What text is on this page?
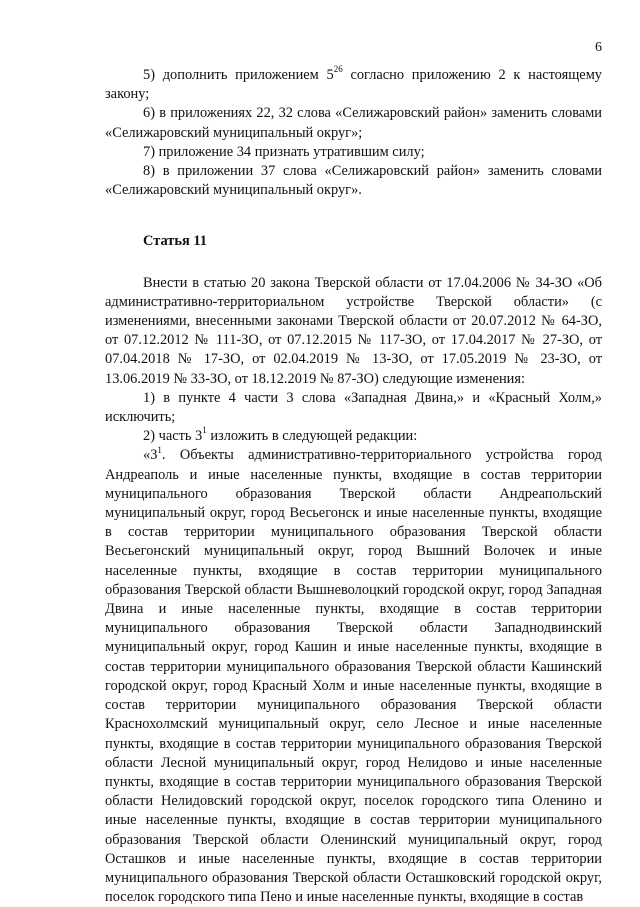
6

5) дополнить приложением $5^{26}$ согласно приложению 2 к настоящему закону;

6) в приложениях 22, 32 слова «Селижаровский район» заменить словами «Селижаровский муниципальный округ»;

7) приложение 34 признать утратившим силу;

8) в приложении 37 слова «Селижаровский район» заменить словами «Селижаровский муниципальный округ».

Статья 11

Внести в статью 20 закона Тверской области от 17.04.2006 № 34-ЗО «Об административно-территориальном устройстве Тверской области» (с изменениями, внесенными законами Тверской области от 20.07.2012 № 64-ЗО, от 07.12.2012 № 111-ЗО, от 07.12.2015 № 117-ЗО, от 17.04.2017 № 27-ЗО, от 07.04.2018 № 17-ЗО, от 02.04.2019 № 13-ЗО, от 17.05.2019 № 23-ЗО, от 13.06.2019 № 33-ЗО, от 18.12.2019 № 87-ЗО) следующие изменения:

1) в пункте 4 части 3 слова «Западная Двина,» и «Красный Холм,» исключить;

2) часть $3^1$ изложить в следующей редакции:

«$3^1$. Объекты административно-территориального устройства город Андреаполь и иные населенные пункты, входящие в состав территории муниципального образования Тверской области Андреапольский муниципальный округ, город Весьегонск и иные населенные пункты, входящие в состав территории муниципального образования Тверской области Весьегонский муниципальный округ, город Вышний Волочек и иные населенные пункты, входящие в состав территории муниципального образования Тверской области Вышневолоцкий городской округ, город Западная Двина и иные населенные пункты, входящие в состав территории муниципального образования Тверской области Западнодвинский муниципальный округ, город Кашин и иные населенные пункты, входящие в состав территории муниципального образования Тверской области Кашинский городской округ, город Красный Холм и иные населенные пункты, входящие в состав территории муниципального образования Тверской области Краснохолмский муниципальный округ, село Лесное и иные населенные пункты, входящие в состав территории муниципального образования Тверской области Лесной муниципальный округ, город Нелидово и иные населенные пункты, входящие в состав территории муниципального образования Тверской области Нелидовский городской округ, поселок городского типа Оленино и иные населенные пункты, входящие в состав территории муниципального образования Тверской области Оленинский муниципальный округ, город Осташков и иные населенные пункты, входящие в состав территории муниципального образования Тверской области Осташковский городской округ, поселок городского типа Пено и иные населенные пункты, входящие в состав
